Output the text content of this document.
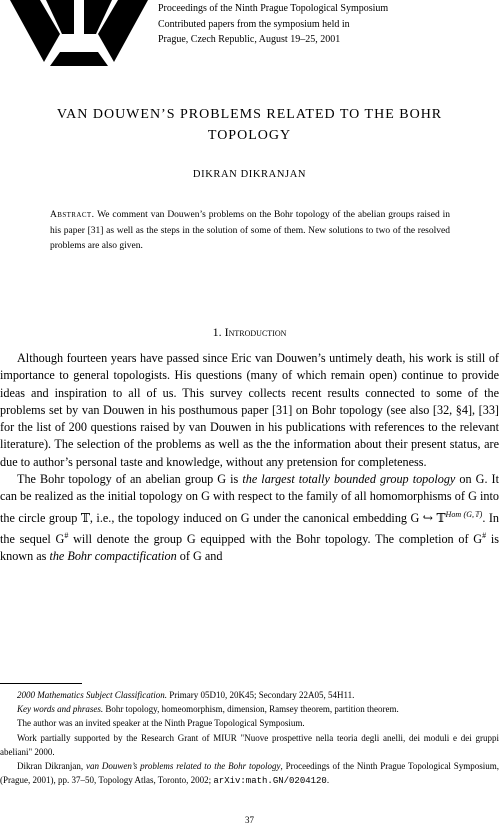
Proceedings of the Ninth Prague Topological Symposium
Contributed papers from the symposium held in
Prague, Czech Republic, August 19–25, 2001
VAN DOUWEN’S PROBLEMS RELATED TO THE BOHR
TOPOLOGY
DIKRAN DIKRANJAN
Abstract. We comment van Douwen’s problems on the Bohr topology of the abelian groups raised in his paper [31] as well as the steps in the solution of some of them. New solutions to two of the resolved problems are also given.
1. Introduction

Although fourteen years have passed since Eric van Douwen’s untimely death, his work is still of importance to general topologists. His questions (many of which remain open) continue to provide ideas and inspiration to all of us. This survey collects recent results connected to some of the problems set by van Douwen in his posthumous paper [31] on Bohr topology (see also [32, §4], [33] for the list of 200 questions raised by van Douwen in his publications with references to the relevant literature). The selection of the problems as well as the the information about their present status, are due to author’s personal taste and knowledge, without any pretension for completeness.

The Bohr topology of an abelian group G is the largest totally bounded group topology on G. It can be realized as the initial topology on G with respect to the family of all homomorphisms of G into the circle group 𝕋, i.e., the topology induced on G under the canonical embedding G ↪ 𝕋$^{Hom (G,𝕋)}$. In the sequel G# will denote the group G equipped with the Bohr topology. The completion of G# is known as the Bohr compactification of G and

2000 Mathematics Subject Classification. Primary 05D10, 20K45; Secondary 22A05, 54H11.

Key words and phrases. Bohr topology, homeomorphism, dimension, Ramsey theorem, partition theorem.

The author was an invited speaker at the Ninth Prague Topological Symposium.

Work partially supported by the Research Grant of MIUR "Nuove prospettive nella teoria degli anelli, dei moduli e dei gruppi abeliani" 2000.

Dikran Dikranjan, van Douwen’s problems related to the Bohr topology, Proceedings of the Ninth Prague Topological Symposium, (Prague, 2001), pp. 37–50, Topology Atlas, Toronto, 2002; arXiv:math.GN/0204120.

37
